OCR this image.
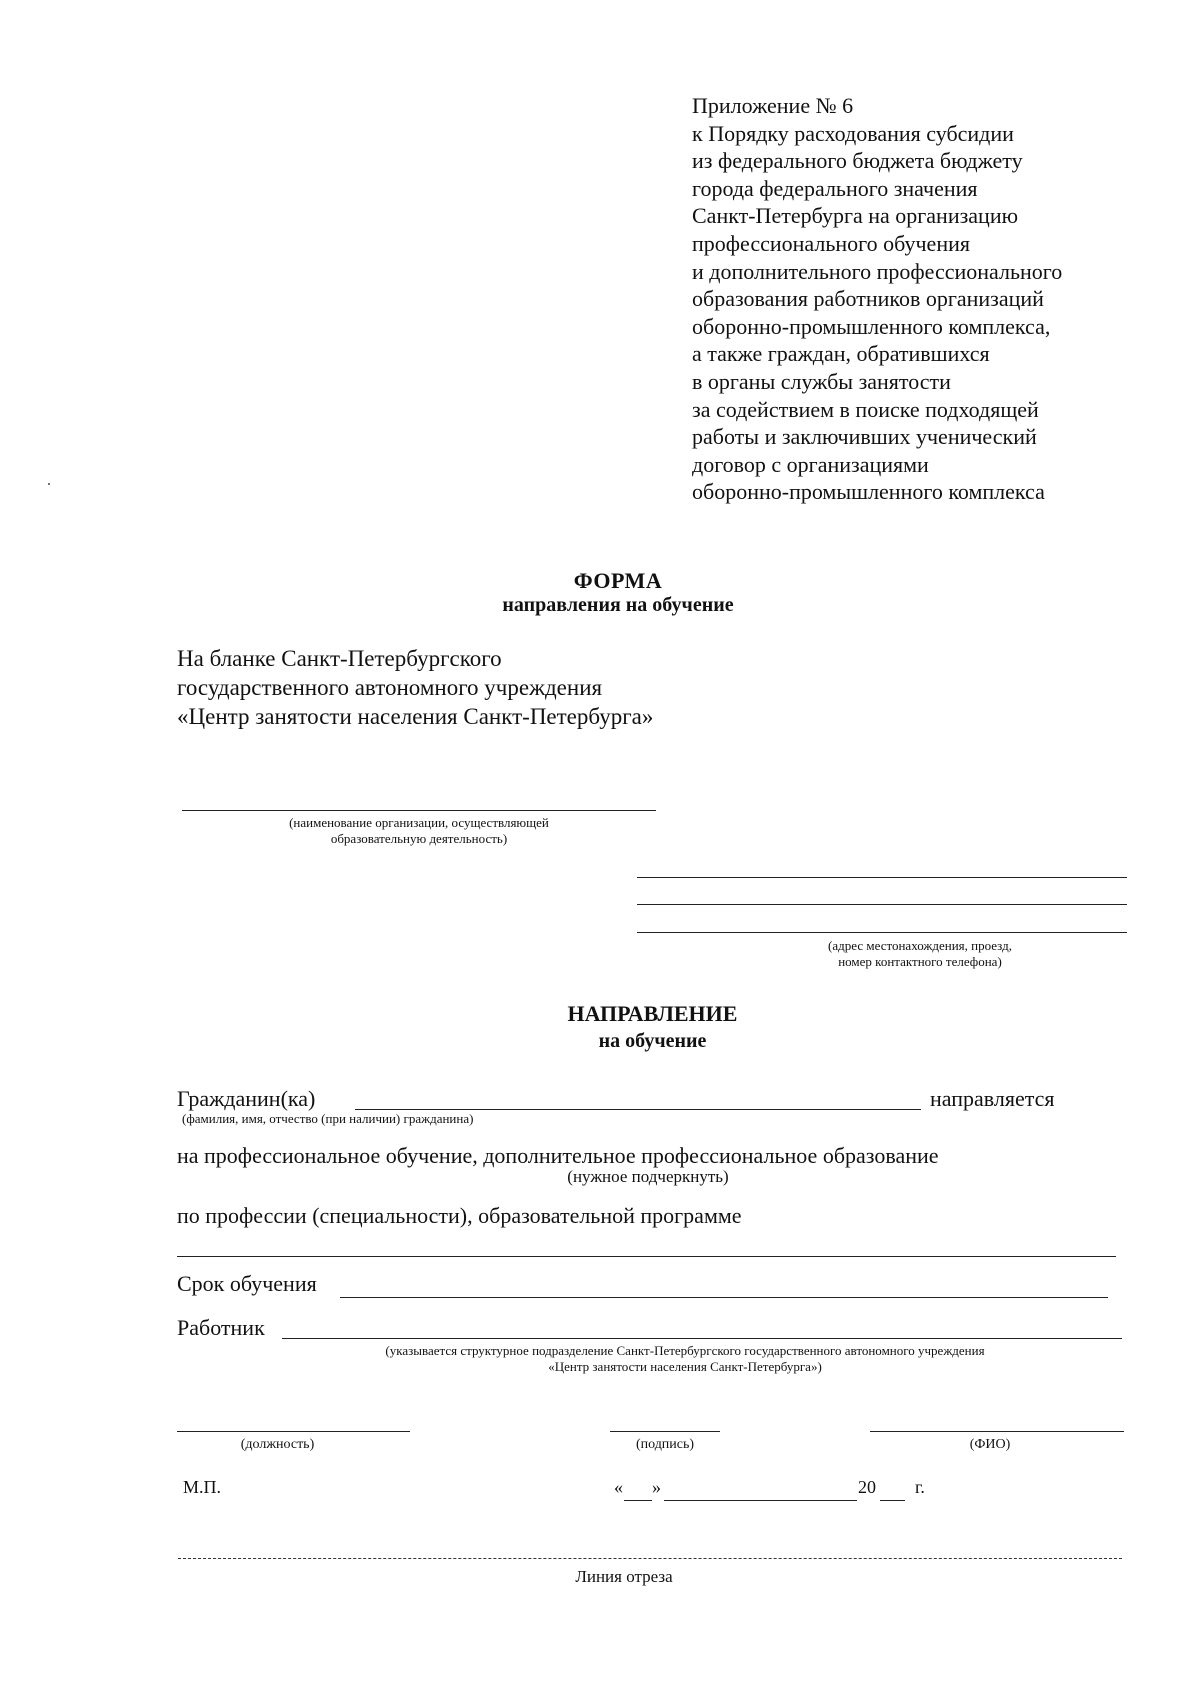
Приложение № 6
к Порядку расходования субсидии
из федерального бюджета бюджету
города федерального значения
Санкт-Петербурга на организацию
профессионального обучения
и дополнительного профессионального
образования работников организаций
оборонно-промышленного комплекса,
а также граждан, обратившихся
в органы службы занятости
за содействием в поиске подходящей
работы и заключивших ученический
договор с организациями
оборонно-промышленного комплекса
ФОРМА
направления на обучение
На бланке Санкт-Петербургского
государственного автономного учреждения
«Центр занятости населения Санкт-Петербурга»
(наименование организации, осуществляющей
образовательную деятельность)
(адрес местонахождения, проезд,
номер контактного телефона)
НАПРАВЛЕНИЕ
на обучение
Гражданин(ка)	направляется
(фамилия, имя, отчество (при наличии) гражданина)
на профессиональное обучение, дополнительное профессиональное образование
(нужное подчеркнуть)
по профессии (специальности), образовательной программе
Срок обучения
Работник
(указывается структурное подразделение Санкт-Петербургского государственного автономного учреждения
«Центр занятости населения Санкт-Петербурга»)
(должность)	(подпись)	(ФИО)
М.П.	« »	20 г.
Линия отреза
